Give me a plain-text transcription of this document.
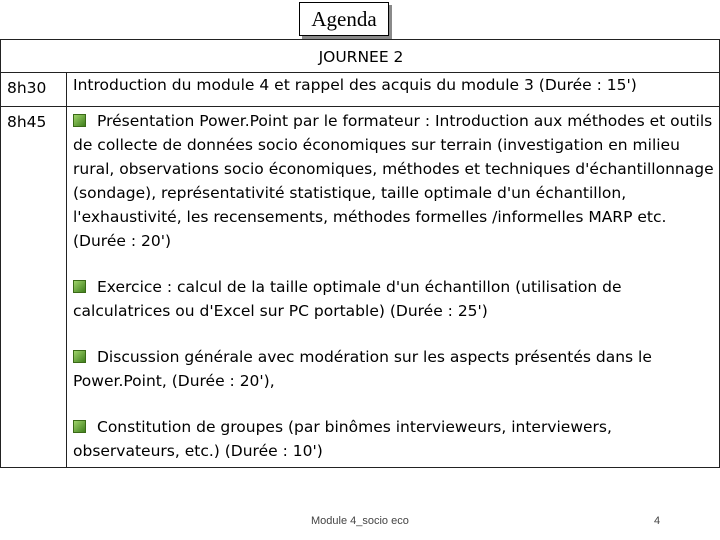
Agenda
JOURNEE 2	
8h30	Introduction du module 4 et rappel des acquis du module 3 (Durée : 15')
8h45	Présentation Power.Point par le formateur : Introduction aux méthodes et outils de collecte de données socio économiques sur terrain (investigation en milieu rural, observations socio économiques, méthodes et techniques d'échantillonnage (sondage), représentativité statistique, taille optimale d'un échantillon, l'exhaustivité, les recensements, méthodes formelles /informelles MARP etc. (Durée : 20')
Exercice : calcul de la taille optimale d'un échantillon (utilisation de calculatrices ou d'Excel sur PC portable) (Durée : 25')
Discussion générale avec modération sur les aspects présentés dans le Power.Point, (Durée : 20'),
Constitution de groupes (par binômes intervieweurs, interviewers, observateurs, etc.) (Durée : 10')
Module 4_socio eco	4
